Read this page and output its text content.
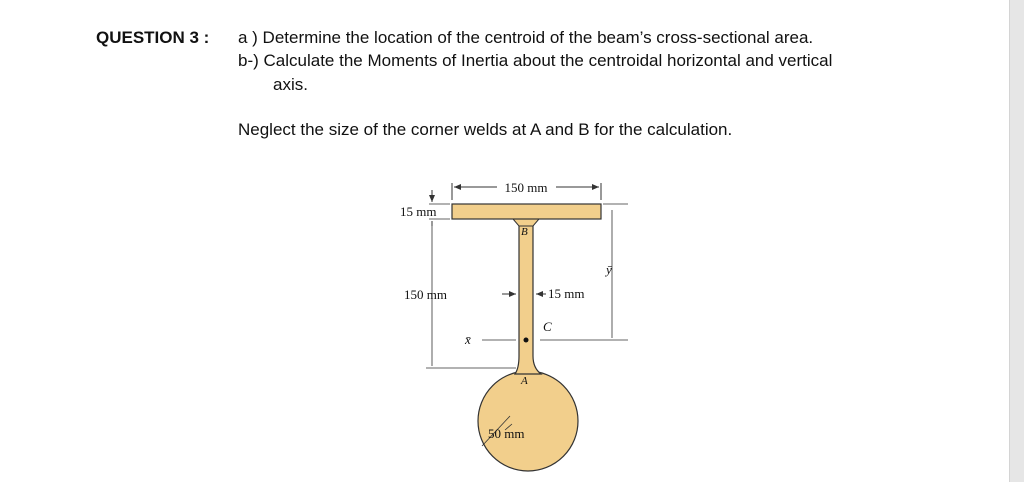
QUESTION 3 : a ) Determine the location of the centroid of the beam’s cross-sectional area.
b-) Calculate the Moments of Inertia about the centroidal horizontal and vertical
axis.
Neglect the size of the corner welds at A and B for the calculation.
150 mm
15 mm
150 mm
ȳ
15 mm
x̄
C
B
A
50 mm
